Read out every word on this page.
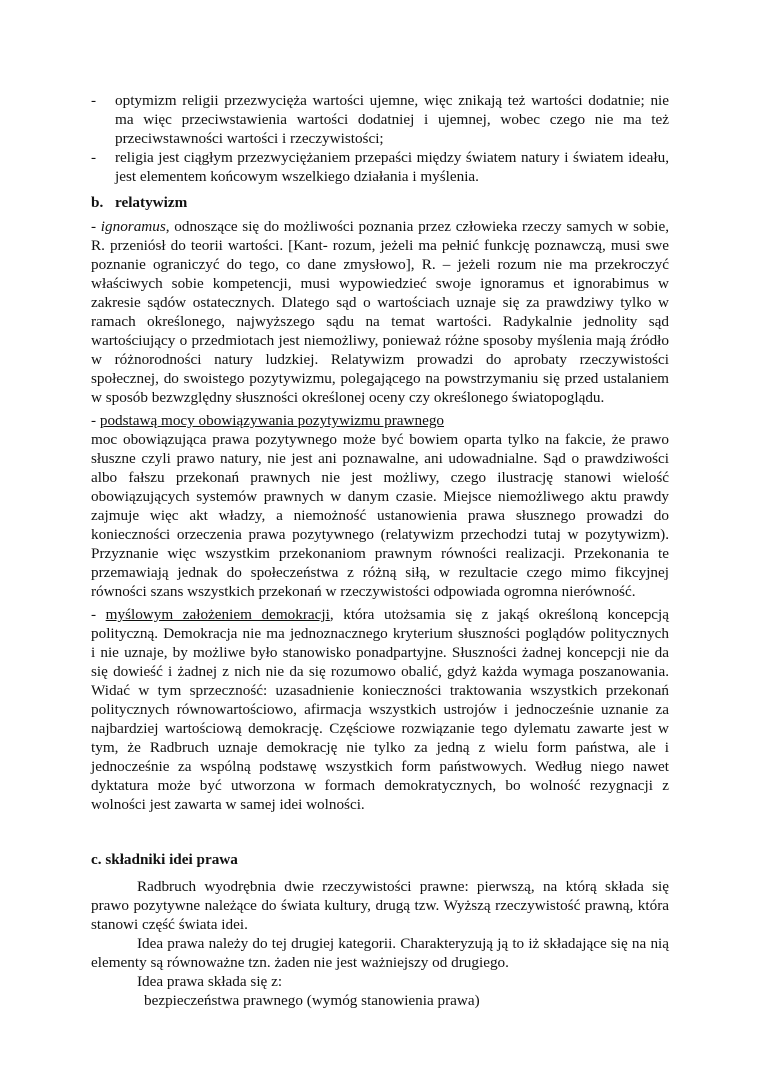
- optymizm religii przezwycięża wartości ujemne, więc znikają też wartości dodatnie; nie

ma więc przeciwstawienia wartości dodatniej i ujemnej, wobec czego nie ma też

przeciwstawności wartości i rzeczywistości;

- religia jest ciągłym przezwyciężaniem przepaści między światem natury i światem ideału,

jest elementem końcowym wszelkiego działania i myślenia.

b. relatywizm

- ignoramus, odnoszące się do możliwości poznania przez człowieka rzeczy samych w sobie,

R. przeniósł do teorii wartości. [Kant- rozum, jeżeli ma pełnić funkcję poznawczą, musi swe

poznanie ograniczyć do tego, co dane zmysłowo], R. – jeżeli rozum nie ma przekroczyć

właściwych sobie kompetencji, musi wypowiedzieć swoje ignoramus et ignorabimus w

zakresie sądów ostatecznych. Dlatego sąd o wartościach uznaje się za prawdziwy tylko w

ramach określonego, najwyższego sądu na temat wartości. Radykalnie jednolity sąd

wartościujący o przedmiotach jest niemożliwy, ponieważ różne sposoby myślenia mają źródło

w różnorodności natury ludzkiej. Relatywizm prowadzi do aprobaty rzeczywistości

społecznej, do swoistego pozytywizmu, polegającego na powstrzymaniu się przed ustalaniem

w sposób bezwzględny słuszności określonej oceny czy określonego światopoglądu.

- podstawą mocy obowiązywania pozytywizmu prawnego

moc obowiązująca prawa pozytywnego może być bowiem oparta tylko na fakcie, że prawo

słuszne czyli prawo natury, nie jest ani poznawalne, ani udowadnialne. Sąd o prawdziwości

albo fałszu przekonań prawnych nie jest możliwy, czego ilustrację stanowi wielość

obowiązujących systemów prawnych w danym czasie. Miejsce niemożliwego aktu prawdy

zajmuje więc akt władzy, a niemożność ustanowienia prawa słusznego prowadzi do

konieczności orzeczenia prawa pozytywnego (relatywizm przechodzi tutaj w pozytywizm).

Przyznanie więc wszystkim przekonaniom prawnym równości realizacji. Przekonania te

przemawiają jednak do społeczeństwa z różną siłą, w rezultacie czego mimo fikcyjnej

równości szans wszystkich przekonań w rzeczywistości odpowiada ogromna nierówność.

- myślowym założeniem demokracji, która utożsamia się z jakąś określoną koncepcją

polityczną. Demokracja nie ma jednoznacznego kryterium słuszności poglądów politycznych

i nie uznaje, by możliwe było stanowisko ponadpartyjne. Słuszności żadnej koncepcji nie da

się dowieść i żadnej z nich nie da się rozumowo obalić, gdyż każda wymaga poszanowania.

Widać w tym sprzeczność: uzasadnienie konieczności traktowania wszystkich przekonań

politycznych równowartościowo, afirmacja wszystkich ustrojów i jednocześnie uznanie za

najbardziej wartościową demokrację. Częściowe rozwiązanie tego dylematu zawarte jest w

tym, że Radbruch uznaje demokrację nie tylko za jedną z wielu form państwa, ale i

jednocześnie za wspólną podstawę wszystkich form państwowych. Według niego nawet

dyktatura może być utworzona w formach demokratycznych, bo wolność rezygnacji z

wolności jest zawarta w samej idei wolności.

c. składniki idei prawa

Radbruch wyodrębnia dwie rzeczywistości prawne: pierwszą, na którą składa się

prawo pozytywne należące do świata kultury, drugą tzw. Wyższą rzeczywistość prawną, która

stanowi część świata idei.

Idea prawa należy do tej drugiej kategorii. Charakteryzują ją to iż składające się na nią

elementy są równoważne tzn. żaden nie jest ważniejszy od drugiego.

Idea prawa składa się z:

bezpieczeństwa prawnego (wymóg stanowienia prawa)
